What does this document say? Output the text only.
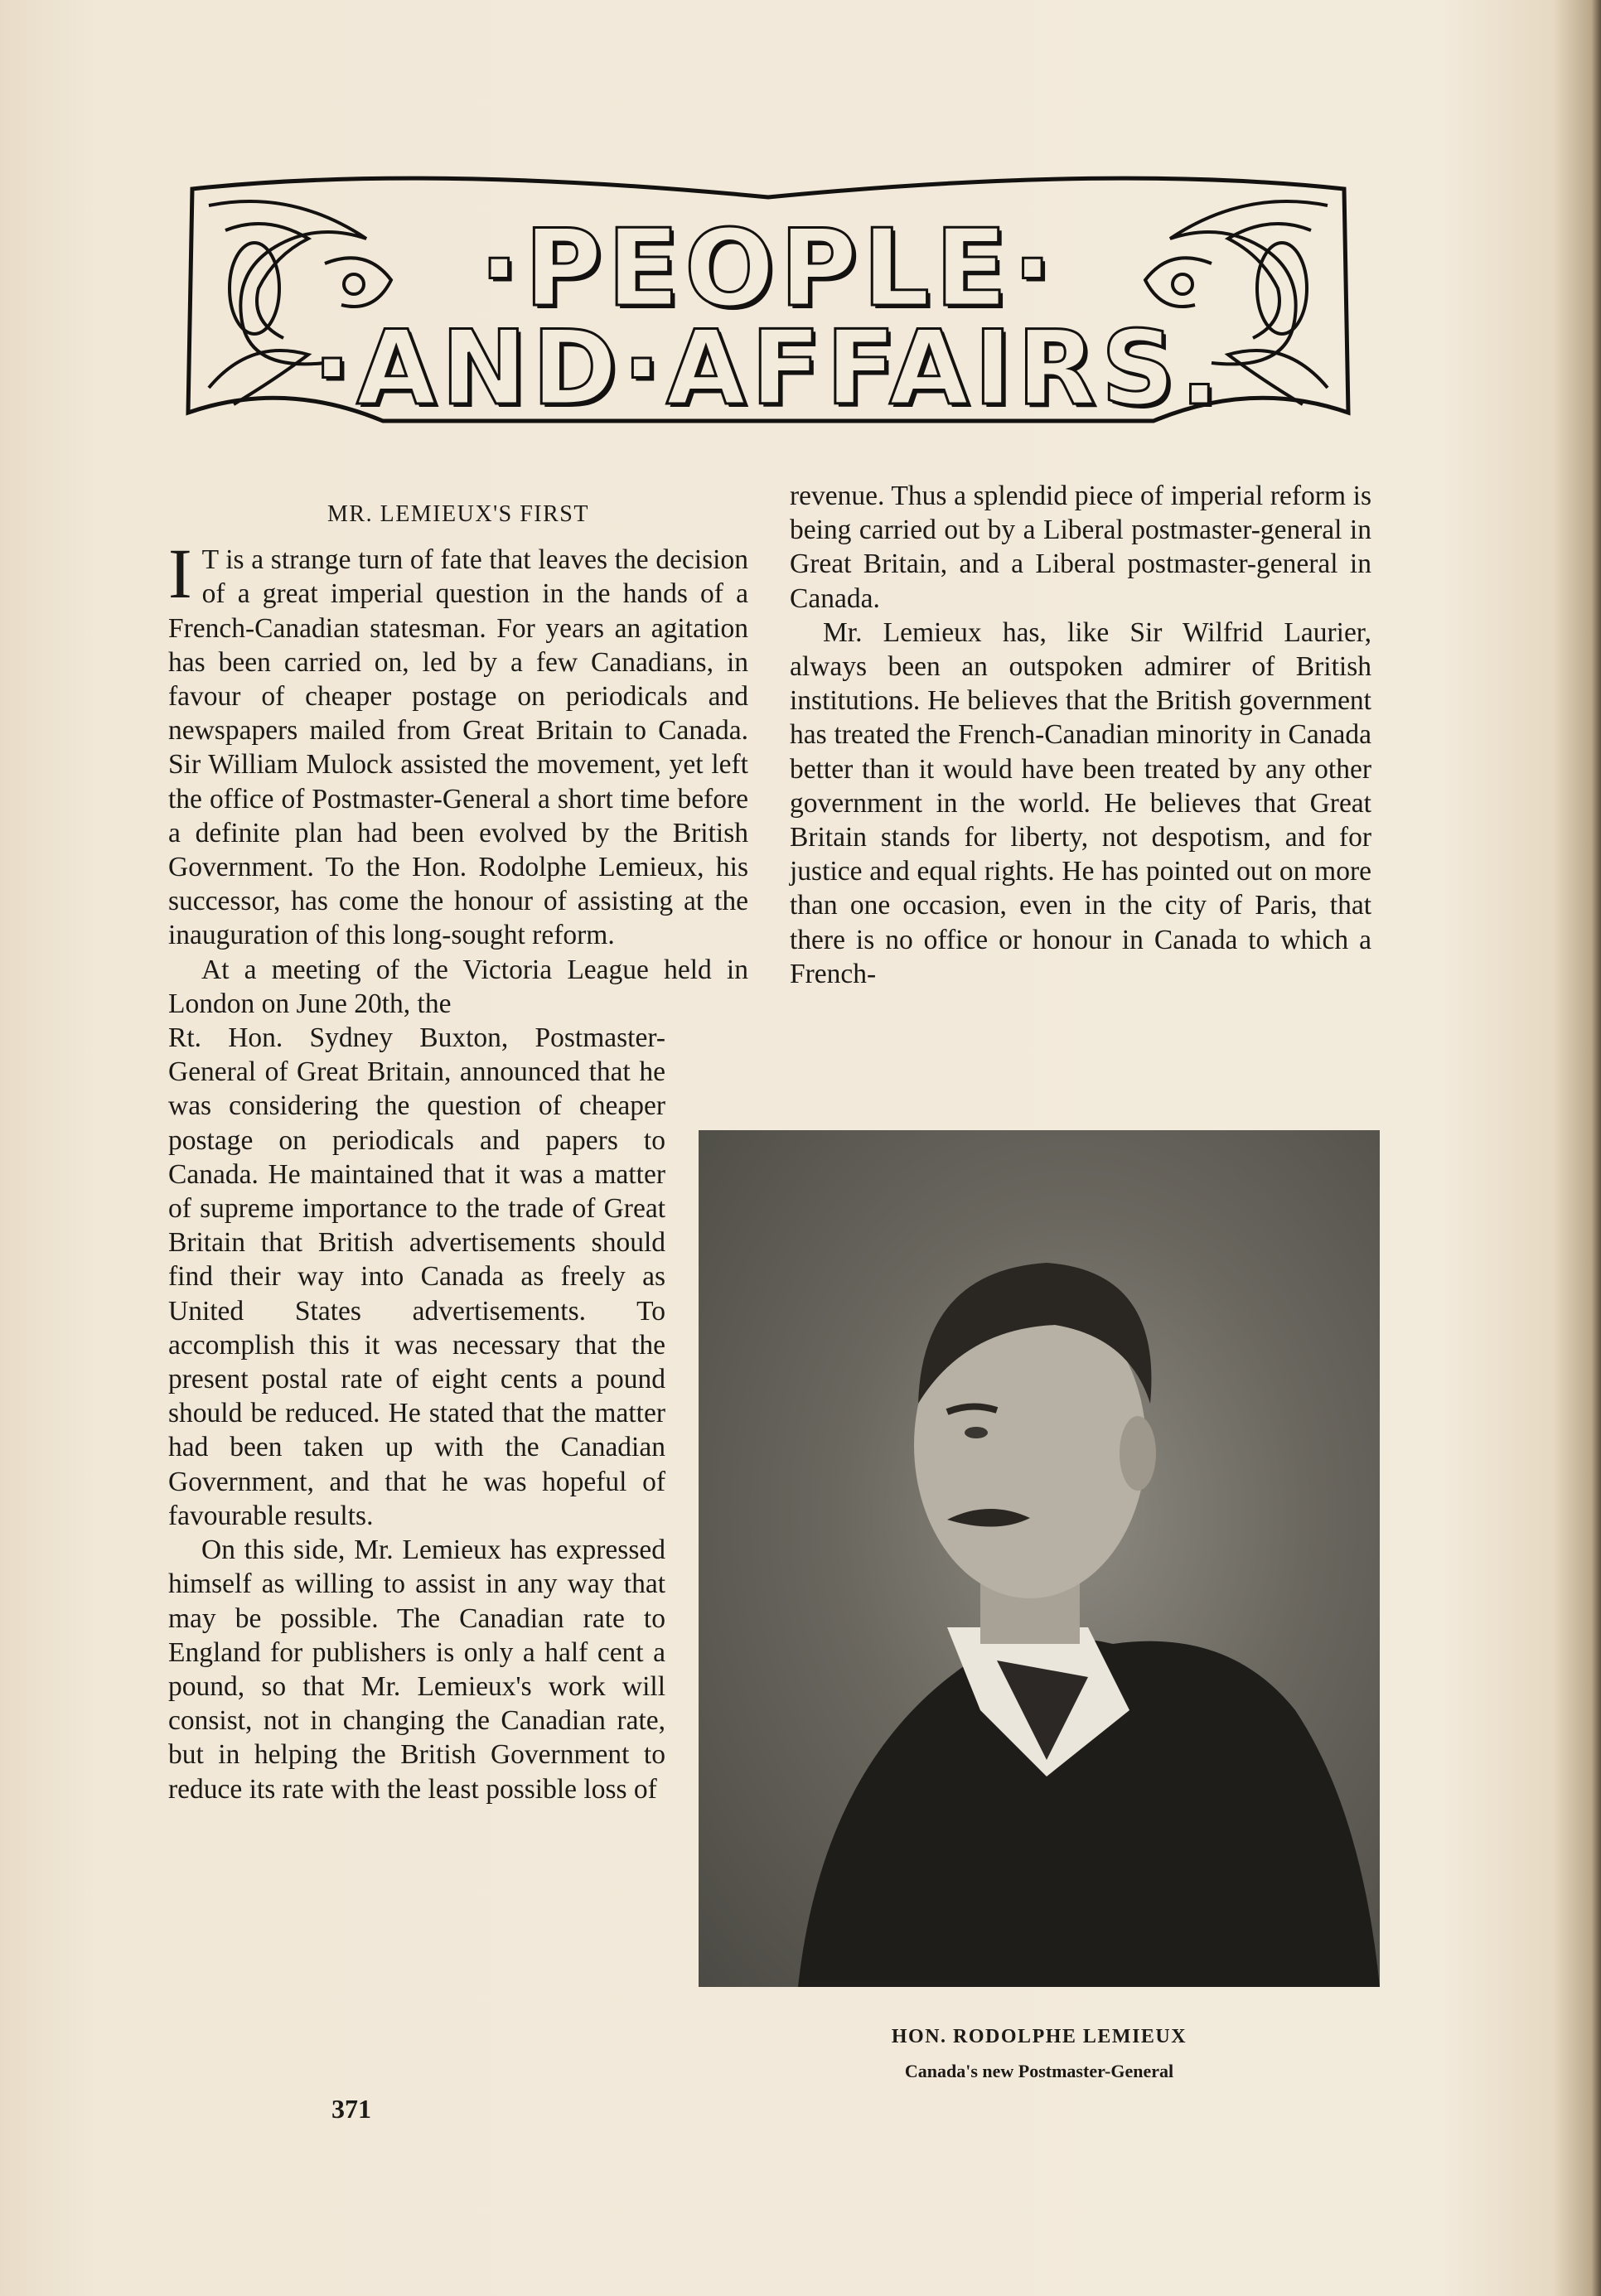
·PEOPLE·
·AND·AFFAIRS.
MR. LEMIEUX'S FIRST

I T is a strange turn of fate that leaves the decision of a great imperial question in the hands of a French-Canadian statesman. For years an agitation has been carried on, led by a few Canadians, in favour of cheaper postage on periodicals and newspapers mailed from Great Britain to Canada. Sir William Mulock assisted the movement, yet left the office of Postmaster-General a short time before a definite plan had been evolved by the British Government. To the Hon. Rodolphe Lemieux, his successor, has come the honour of assisting at the inauguration of this long-sought reform.

At a meeting of the Victoria League held in London on June 20th, the

Rt. Hon. Sydney Buxton, Postmaster-General of Great Britain, announced that he was considering the question of cheaper postage on periodicals and papers to Canada. He maintained that it was a matter of supreme importance to the trade of Great Britain that British advertisements should find their way into Canada as freely as United States advertisements. To accomplish this it was necessary that the present postal rate of eight cents a pound should be reduced. He stated that the matter had been taken up with the Canadian Government, and that he was hopeful of favourable results.

On this side, Mr. Lemieux has expressed himself as willing to assist in any way that may be possible. The Canadian rate to England for publishers is only a half cent a pound, so that Mr. Lemieux's work will consist, not in changing the Canadian rate, but in helping the British Government to reduce its rate with the least possible loss of

revenue. Thus a splendid piece of imperial reform is being carried out by a Liberal postmaster-general in Great Britain, and a Liberal postmaster-general in Canada.

Mr. Lemieux has, like Sir Wilfrid Laurier, always been an outspoken admirer of British institutions. He believes that the British government has treated the French-Canadian minority in Canada better than it would have been treated by any other government in the world. He believes that Great Britain stands for liberty, not despotism, and for justice and equal rights. He has pointed out on more than one occasion, even in the city of Paris, that there is no office or honour in Canada to which a French-

HON. RODOLPHE LEMIEUX
Canada's new Postmaster-General
371
